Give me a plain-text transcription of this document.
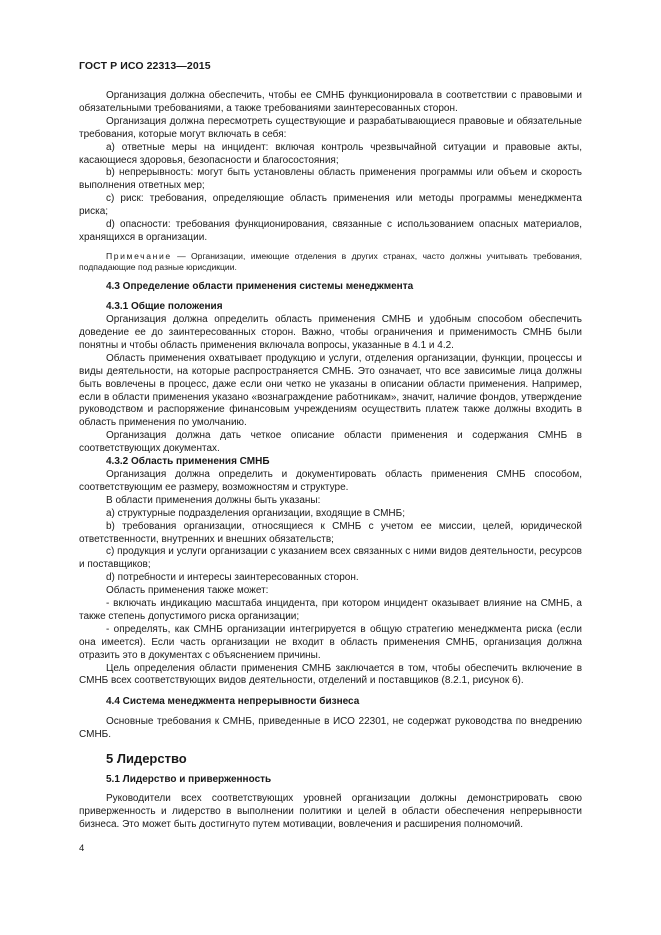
ГОСТ Р ИСО 22313—2015

Организация должна обеспечить, чтобы ее СМНБ функционировала в соответствии с правовыми и обязательными требованиями, а также требованиями заинтересованных сторон.

Организация должна пересмотреть существующие и разрабатывающиеся правовые и обязательные требования, которые могут включать в себя:

а) ответные меры на инцидент: включая контроль чрезвычайной ситуации и правовые акты, касающиеся здоровья, безопасности и благосостояния;

b) непрерывность: могут быть установлены область применения программы или объем и скорость выполнения ответных мер;

с) риск: требования, определяющие область применения или методы программы менеджмента риска;

d) опасности: требования функционирования, связанные с использованием опасных материалов, хранящихся в организации.

Примечание — Организации, имеющие отделения в других странах, часто должны учитывать требования, подпадающие под разные юрисдикции.

4.3 Определение области применения системы менеджмента

4.3.1 Общие положения

Организация должна определить область применения СМНБ и удобным способом обеспечить доведение ее до заинтересованных сторон. Важно, чтобы ограничения и применимость СМНБ были понятны и чтобы область применения включала вопросы, указанные в 4.1 и 4.2.

Область применения охватывает продукцию и услуги, отделения организации, функции, процессы и виды деятельности, на которые распространяется СМНБ. Это означает, что все зависимые лица должны быть вовлечены в процесс, даже если они четко не указаны в описании области применения. Например, если в области применения указано «вознаграждение работникам», значит, наличие фондов, утверждение руководством и распоряжение финансовым учреждениям осуществить платеж также должны входить в область применения по умолчанию.

Организация должна дать четкое описание области применения и содержания СМНБ в соответствующих документах.

4.3.2 Область применения СМНБ

Организация должна определить и документировать область применения СМНБ способом, соответствующим ее размеру, возможностям и структуре.

В области применения должны быть указаны:

а) структурные подразделения организации, входящие в СМНБ;

b) требования организации, относящиеся к СМНБ с учетом ее миссии, целей, юридической ответственности, внутренних и внешних обязательств;

с) продукция и услуги организации с указанием всех связанных с ними видов деятельности, ресурсов и поставщиков;

d) потребности и интересы заинтересованных сторон.

Область применения также может:

- включать индикацию масштаба инцидента, при котором инцидент оказывает влияние на СМНБ, а также степень допустимого риска организации;

- определять, как СМНБ организации интегрируется в общую стратегию менеджмента риска (если она имеется). Если часть организации не входит в область применения СМНБ, организация должна отразить это в документах с объяснением причины.

Цель определения области применения СМНБ заключается в том, чтобы обеспечить включение в СМНБ всех соответствующих видов деятельности, отделений и поставщиков (8.2.1, рисунок 6).

4.4 Система менеджмента непрерывности бизнеса

Основные требования к СМНБ, приведенные в ИСО 22301, не содержат руководства по внедрению СМНБ.

5 Лидерство

5.1 Лидерство и приверженность

Руководители всех соответствующих уровней организации должны демонстрировать свою приверженность и лидерство в выполнении политики и целей в области обеспечения непрерывности бизнеса. Это может быть достигнуто путем мотивации, вовлечения и расширения полномочий.

4
